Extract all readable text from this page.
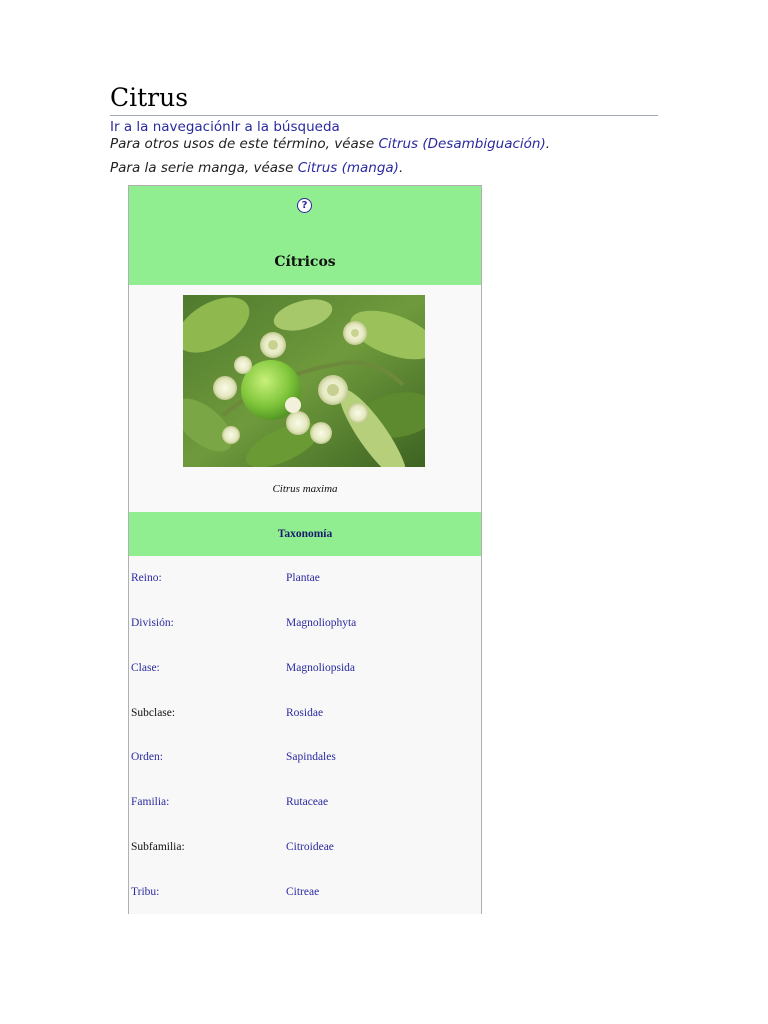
Citrus
Ir a la navegaciónIr a la búsqueda
Para otros usos de este término, véase Citrus (Desambiguación).
Para la serie manga, véase Citrus (manga).
?
Cítricos
Citrus maxima
Taxonomía
Reino:	Plantae
División:	Magnoliophyta
Clase:	Magnoliopsida
Subclase:	Rosidae
Orden:	Sapindales
Familia:	Rutaceae
Subfamilia:	Citroideae
Tribu:	Citreae
